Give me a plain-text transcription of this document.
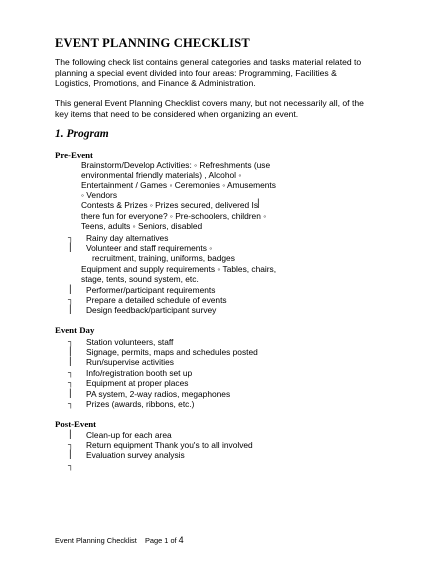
EVENT PLANNING CHECKLIST
The following check list contains general categories and tasks material related to planning a special event divided into four areas: Programming, Facilities & Logistics, Promotions, and Finance & Administration.
This general Event Planning Checklist covers many, but not necessarily all, of the key items that need to be considered when organizing an event.
1. Program
Pre-Event
Brainstorm/Develop Activities: ◦ Refreshments (use
environmental friendly materials) , Alcohol ◦
Entertainment / Games ◦ Ceremonies ◦ Amusements
◦ Vendors
Contests & Prizes ◦ Prizes secured, delivered Is
there fun for everyone? ◦ Pre-schoolers, children ◦
Teens, adults ◦ Seniors, disabled
Rainy day alternatives
Volunteer and staff requirements ◦
recruitment, training, uniforms, badges
Equipment and supply requirements ◦ Tables, chairs,
stage, tents, sound system, etc.
Performer/participant requirements
Prepare a detailed schedule of events
Design feedback/participant survey
┐
▏
▏
┐
▏
▏
Event Day
Station volunteers, staff
Signage, permits, maps and schedules posted
Run/supervise activities
Info/registration booth set up
Equipment at proper places
PA system, 2-way radios, megaphones
Prizes (awards, ribbons, etc.)
┐
▏
▏
┐
┐
▏
┐
Post-Event
Clean-up for each area
Return equipment Thank you's to all involved
Evaluation survey analysis
▏
┐
▏
┐
Event Planning Checklist    Page 1 of 4
